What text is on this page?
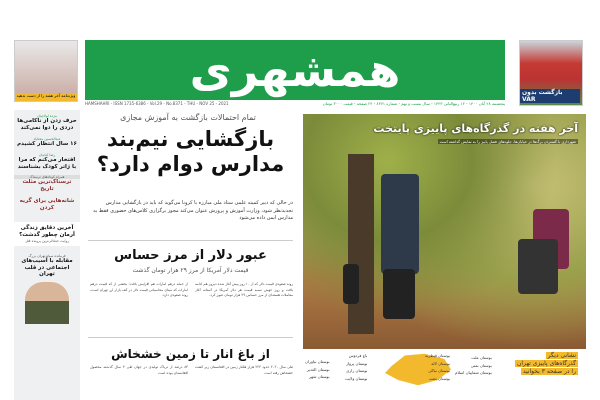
ویژه‌نامه آخر هفته را از دست ندهید	همشهری	بازگشت بدون VAR
HAMSHAHRI - ISSN 1735-6386 - Vol.29 - No.8371 - THU - NOV 25 - 2021	پنجشنبه ۲۸ آبان ۱۴۰۰ - ۱۴ ربیع‌الثانی ۱۴۴۳ - سال بیست و نهم - شماره ۸۳۷۱ - ۲۴ صفحه - قیمت ۳۰۰۰ تومان
مژده لولاچیان
حرف زدن از ناکامی‌ها دردی را دوا نمی‌کند
عبدالحسین مختاباد
۱۶ سال انتظار کشیدم
رضا کیانیان
افتخار می‌کنم که مرا با ژاتر کودک بشناسند
همراه کوتاه‌های ترسناک
ترسناک‌ترین مثلث تاریخ
شانه‌هایی برای گریه کردن
آخرین دقایق زندگی آرمان چطور گذشت؟
روایت جنجالی‌ترین پرونده قتل
فرمانده سپاه تهران بزرگ
مقابله با آسیب‌های اجتماعی در قلب تهران
تمام احتمالات بازگشت به آموزش مجازی
بازگشایی نیم‌بند مدارس دوام دارد؟
در حالی که دبیر کمیته علمی ستاد ملی مبارزه با کرونا می‌گوید که باید در بازگشایی مدارس تجدیدنظر شود، وزارت آموزش و پرورش عنوان می‌کند مجوز برگزاری کلاس‌های حضوری فقط به مدارس ایمن داده می‌شود
عبور دلار از مرز حساس
قیمت دلار آمریکا از مرز ۲۹ هزار تومان گذشت
روند صعودی قیمت دلار که از ۱۰ روز پیش آغاز شده دیروز هم ادامه یافت و روز جهش نسبه قیمت هر دلار آمریکا در آستانه آغاز معاملات هسته‌ای از مرز حساس ۲۹ هزار تومان عبور کرد.
از جمله درهم امارات هم افزایش یافت؛ بخشی از که قیمت درهم امارات که مبنای محاسباتی قیمت دلار در کف بازار ارز تهران است، روند صعودی دارد.
از باغ انار تا زمین خشخاش
طی سال ۲۰۲۰ حدود ۲۲۴ هزار هکتار زمین در افغانستان زیر کشت خشخاش رفته است
۸۳ درصد از تریاک تولیدی در جهان طی ۴ سال گذشته محصول افغانستان بوده است
آخر هفته در گذرگاه‌های پاییزی پایتخت
شهرداری با گستردن برگ‌ها در خیابان‌ها، جلوه‌های فصل پاییز را به نمایش گذاشته است
بوستان ملت
بوستان نمتی
بوستان شفاییان اسلام
بوستان قیطریه
بوستان لاله
بوستان نیاکی
بوستان بعثت
باغ فردوس
بوستان پرواز
بوستان رازی
بوستان ولایت
بوستان نیاوران
بوستان الغدیر
بوستان شهر
نشانی دیگر
گذرگاه‌های پاییزی تهران
را در صفحه ۳ بخوانید
